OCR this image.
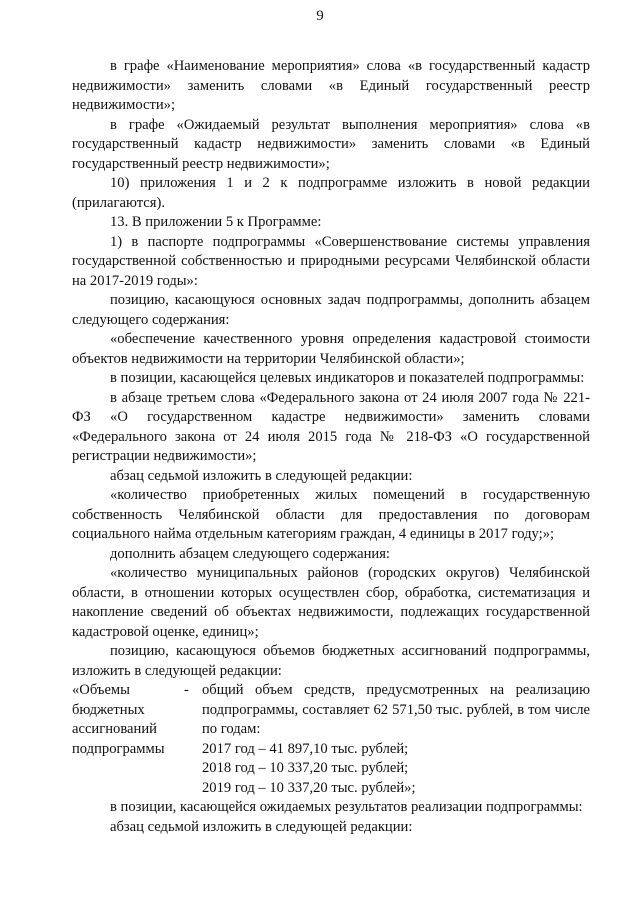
9

в графе «Наименование мероприятия» слова «в государственный кадастр недвижимости» заменить словами «в Единый государственный реестр недвижимости»;

в графе «Ожидаемый результат выполнения мероприятия» слова «в государственный кадастр недвижимости» заменить словами «в Единый государственный реестр недвижимости»;

10) приложения 1 и 2 к подпрограмме изложить в новой редакции (прилагаются).

13. В приложении 5 к Программе:

1) в паспорте подпрограммы «Совершенствование системы управления государственной собственностью и природными ресурсами Челябинской области на 2017-2019 годы»:

позицию, касающуюся основных задач подпрограммы, дополнить абзацем следующего содержания:

«обеспечение качественного уровня определения кадастровой стоимости объектов недвижимости на территории Челябинской области»;

в позиции, касающейся целевых индикаторов и показателей подпрограммы:

в абзаце третьем слова «Федерального закона от 24 июля 2007 года № 221-ФЗ «О государственном кадастре недвижимости» заменить словами «Федерального закона от 24 июля 2015 года № 218-ФЗ «О государственной регистрации недвижимости»;

абзац седьмой изложить в следующей редакции:

«количество приобретенных жилых помещений в государственную собственность Челябинской области для предоставления по договорам социального найма отдельным категориям граждан, 4 единицы в 2017 году;»;

дополнить абзацем следующего содержания:

«количество муниципальных районов (городских округов) Челябинской области, в отношении которых осуществлен сбор, обработка, систематизация и накопление сведений об объектах недвижимости, подлежащих государственной кадастровой оценке, единиц»;

позицию, касающуюся объемов бюджетных ассигнований подпрограммы, изложить в следующей редакции:

«Объемы
бюджетных
ассигнований
подпрограммы
- общий объем средств, предусмотренных на реализацию подпрограммы, составляет 62 571,50 тыс. рублей, в том числе по годам:
2017 год – 41 897,10 тыс. рублей;
2018 год – 10 337,20 тыс. рублей;
2019 год – 10 337,20 тыс. рублей»;

в позиции, касающейся ожидаемых результатов реализации подпрограммы:

абзац седьмой изложить в следующей редакции:
